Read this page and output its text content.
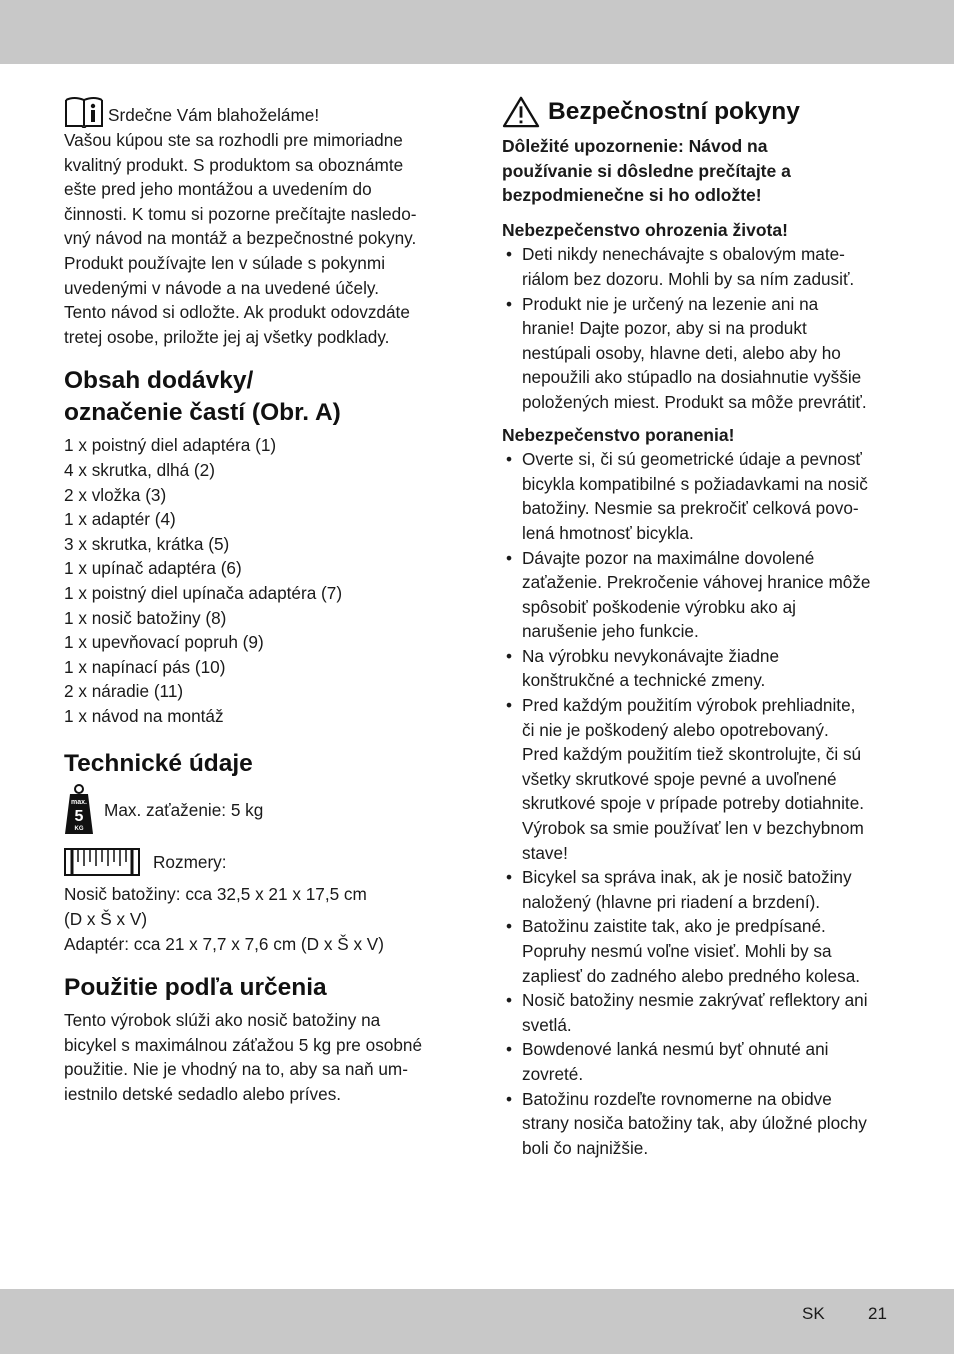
Srdečne Vám blahoželáme!
Vašou kúpou ste sa rozhodli pre mimoriadne
kvalitný produkt. S produktom sa oboznámte
ešte pred jeho montážou a uvedením do
činnosti. K tomu si pozorne prečítajte nasledo-
vný návod na montáž a bezpečnostné pokyny.
Produkt používajte len v súlade s pokynmi
uvedenými v návode a na uvedené účely.
Tento návod si odložte. Ak produkt odovzdáte
tretej osobe, priložte jej aj všetky podklady.
Obsah dodávky/
označenie častí (Obr. A)
1 x poistný diel adaptéra (1)
4 x skrutka, dlhá (2)
2 x vložka (3)
1 x adaptér (4)
3 x skrutka, krátka (5)
1 x upínač adaptéra (6)
1 x poistný diel upínača adaptéra (7)
1 x nosič batožiny (8)
1 x upevňovací popruh (9)
1 x napínací pás (10)
2 x náradie (11)
1 x návod na montáž
Technické údaje
max.
5
KG
Max. zaťaženie: 5 kg
Rozmery:
Nosič batožiny: cca 32,5 x 21 x 17,5 cm
(D x Š x V)
Adaptér: cca 21 x 7,7 x 7,6 cm (D x Š x V)
Použitie podľa určenia
Tento výrobok slúži ako nosič batožiny na
bicykel s maximálnou záťažou 5 kg pre osobné
použitie. Nie je vhodný na to, aby sa naň um-
iestnilo detské sedadlo alebo príves.
Bezpečnostní pokyny
Dôležité upozornenie: Návod na
používanie si dôsledne prečítajte a
bezpodmienečne si ho odložte!
Nebezpečenstvo ohrozenia života!
• Deti nikdy nenechávajte s obalovým mate-
riálom bez dozoru. Mohli by sa ním zadusiť.
• Produkt nie je určený na lezenie ani na
hranie! Dajte pozor, aby si na produkt
nestúpali osoby, hlavne deti, alebo aby ho
nepoužili ako stúpadlo na dosiahnutie vyššie
položených miest. Produkt sa môže prevrátiť.
Nebezpečenstvo poranenia!
• Overte si, či sú geometrické údaje a pevnosť
bicykla kompatibilné s požiadavkami na nosič
batožiny. Nesmie sa prekročiť celková povo-
lená hmotnosť bicykla.
• Dávajte pozor na maximálne dovolené
zaťaženie. Prekročenie váhovej hranice môže
spôsobiť poškodenie výrobku ako aj
narušenie jeho funkcie.
• Na výrobku nevykonávajte žiadne
konštrukčné a technické zmeny.
• Pred každým použitím výrobok prehliadnite,
či nie je poškodený alebo opotrebovaný.
Pred každým použitím tiež skontrolujte, či sú
všetky skrutkové spoje pevné a uvoľnené
skrutkové spoje v prípade potreby dotiahnite.
Výrobok sa smie používať len v bezchybnom
stave!
• Bicykel sa správa inak, ak je nosič batožiny
naložený (hlavne pri riadení a brzdení).
• Batožinu zaistite tak, ako je predpísané.
Popruhy nesmú voľne visieť. Mohli by sa
zapliesť do zadného alebo predného kolesa.
• Nosič batožiny nesmie zakrývať reflektory ani
svetlá.
• Bowdenové lanká nesmú byť ohnuté ani
zovreté.
• Batožinu rozdeľte rovnomerne na obidve
strany nosiča batožiny tak, aby úložné plochy
boli čo najnižšie.
SK	21
